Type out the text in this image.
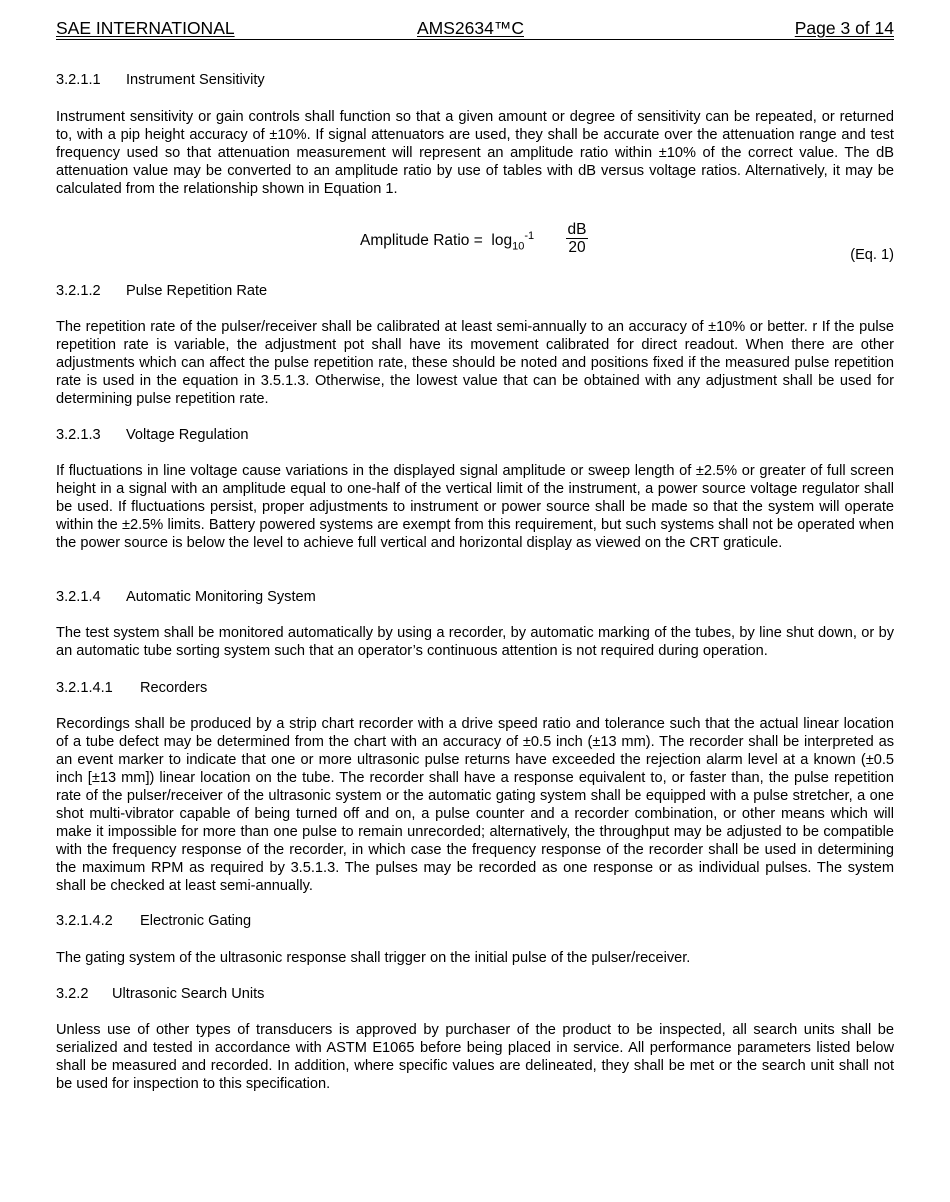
SAE INTERNATIONAL	AMS2634™C	Page 3 of 14
3.2.1.1 Instrument Sensitivity
Instrument sensitivity or gain controls shall function so that a given amount or degree of sensitivity can be repeated, or returned to, with a pip height accuracy of ±10%. If signal attenuators are used, they shall be accurate over the attenuation range and test frequency used so that attenuation measurement will represent an amplitude ratio within ±10% of the correct value. The dB attenuation value may be converted to an amplitude ratio by use of tables with dB versus voltage ratios. Alternatively, it may be calculated from the relationship shown in Equation 1.
Amplitude Ratio = $\log_{10}^{-1} \frac{dB}{20}$	(Eq. 1)
3.2.1.2 Pulse Repetition Rate
The repetition rate of the pulser/receiver shall be calibrated at least semi-annually to an accuracy of ±10% or better. r If the pulse repetition rate is variable, the adjustment pot shall have its movement calibrated for direct readout. When there are other adjustments which can affect the pulse repetition rate, these should be noted and positions fixed if the measured pulse repetition rate is used in the equation in 3.5.1.3. Otherwise, the lowest value that can be obtained with any adjustment shall be used for determining pulse repetition rate.
3.2.1.3 Voltage Regulation
If fluctuations in line voltage cause variations in the displayed signal amplitude or sweep length of ±2.5% or greater of full screen height in a signal with an amplitude equal to one-half of the vertical limit of the instrument, a power source voltage regulator shall be used. If fluctuations persist, proper adjustments to instrument or power source shall be made so that the system will operate within the ±2.5% limits. Battery powered systems are exempt from this requirement, but such systems shall not be operated when the power source is below the level to achieve full vertical and horizontal display as viewed on the CRT graticule.
3.2.1.4 Automatic Monitoring System
The test system shall be monitored automatically by using a recorder, by automatic marking of the tubes, by line shut down, or by an automatic tube sorting system such that an operator’s continuous attention is not required during operation.
3.2.1.4.1 Recorders
Recordings shall be produced by a strip chart recorder with a drive speed ratio and tolerance such that the actual linear location of a tube defect may be determined from the chart with an accuracy of ±0.5 inch (±13 mm). The recorder shall be interpreted as an event marker to indicate that one or more ultrasonic pulse returns have exceeded the rejection alarm level at a known (±0.5 inch [±13 mm]) linear location on the tube. The recorder shall have a response equivalent to, or faster than, the pulse repetition rate of the pulser/receiver of the ultrasonic system or the automatic gating system shall be equipped with a pulse stretcher, a one shot multi-vibrator capable of being turned off and on, a pulse counter and a recorder combination, or other means which will make it impossible for more than one pulse to remain unrecorded; alternatively, the throughput may be adjusted to be compatible with the frequency response of the recorder, in which case the frequency response of the recorder shall be used in determining the maximum RPM as required by 3.5.1.3. The pulses may be recorded as one response or as individual pulses. The system shall be checked at least semi-annually.
3.2.1.4.2 Electronic Gating
The gating system of the ultrasonic response shall trigger on the initial pulse of the pulser/receiver.
3.2.2 Ultrasonic Search Units
Unless use of other types of transducers is approved by purchaser of the product to be inspected, all search units shall be serialized and tested in accordance with ASTM E1065 before being placed in service. All performance parameters listed below shall be measured and recorded. In addition, where specific values are delineated, they shall be met or the search unit shall not be used for inspection to this specification.
